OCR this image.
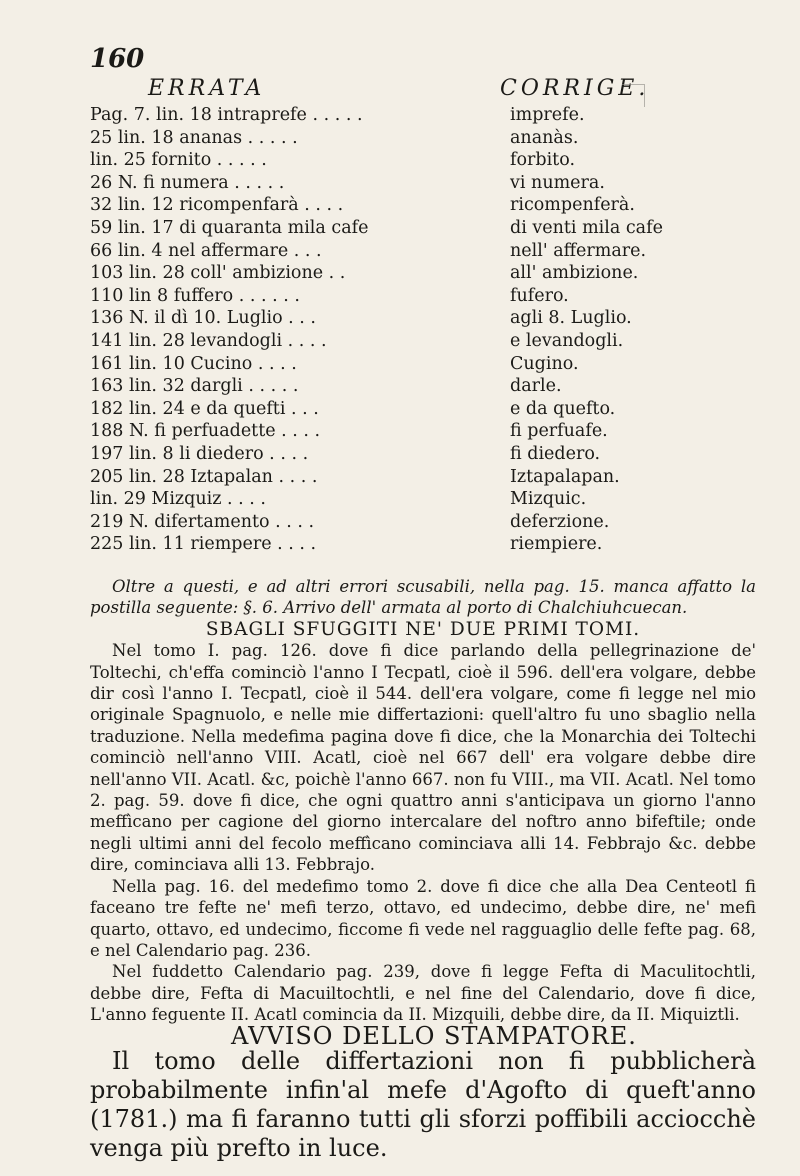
160
ERRATA	CORRIGE.
Pag. 7. lin. 18 intraprefe . . . . .	imprefe.
25 lin. 18 ananas . . . . .	ananàs.
lin. 25 fornito . . . . .	forbito.
26 N. fi numera . . . . .	vi numera.
32 lin. 12 ricompenfarà . . . .	ricompenferà.
59 lin. 17 di quaranta mila cafe	di venti mila cafe
66 lin. 4 nel affermare . . .	nell' affermare.
103 lin. 28 coll' ambizione . .	all' ambizione.
110 lin 8 fuffero . . . . . .	fufero.
136 N. il dì 10. Luglio . . .	agli 8. Luglio.
141 lin. 28 levandogli . . . .	e levandogli.
161 lin. 10 Cucino . . . .	Cugino.
163 lin. 32 dargli . . . . .	darle.
182 lin. 24 e da quefti . . .	e da quefto.
188 N. fi perfuadette . . . .	fi perfuafe.
197 lin. 8 li diedero . . . .	fi diedero.
205 lin. 28 Iztapalan . . . .	Iztapalapan.
lin. 29 Mizquiz . . . .	Mizquic.
219 N. difertamento . . . .	deferzione.
225 lin. 11 riempere . . . .	riempiere.

Oltre a questi, e ad altri errori scusabili, nella pag. 15. manca affatto la postilla seguente: §. 6. Arrivo dell' armata al porto di Chalchiuhcuecan.

SBAGLI SFUGGITI NE' DUE PRIMI TOMI.

Nel tomo I. pag. 126. dove fi dice parlando della pellegrinazione de' Toltechi, ch'effa cominciò l'anno I Tecpatl, cioè il 596. dell'era volgare, debbe dir così l'anno I. Tecpatl, cioè il 544. dell'era volgare, come fi legge nel mio originale Spagnuolo, e nelle mie differtazioni: quell'altro fu uno sbaglio nella traduzione. Nella medefima pagina dove fi dice, che la Monarchia dei Toltechi cominciò nell'anno VIII. Acatl, cioè nel 667 dell' era volgare debbe dire nell'anno VII. Acatl. &c, poichè l'anno 667. non fu VIII., ma VII. Acatl. Nel tomo 2. pag. 59. dove fi dice, che ogni quattro anni s'anticipava un giorno l'anno meffìcano per cagione del giorno intercalare del noftro anno bifeftile; onde negli ultimi anni del fecolo meffìcano cominciava alli 14. Febbrajo &c. debbe dire, cominciava alli 13. Febbrajo.

Nella pag. 16. del medefimo tomo 2. dove fi dice che alla Dea Centeotl fi faceano tre fefte ne' mefi terzo, ottavo, ed undecimo, debbe dire, ne' mefi quarto, ottavo, ed undecimo, ficcome fi vede nel ragguaglio delle fefte pag. 68, e nel Calendario pag. 236.

Nel fuddetto Calendario pag. 239, dove fi legge Fefta di Maculitochtli, debbe dire, Fefta di Macuiltochtli, e nel fine del Calendario, dove fi dice, L'anno feguente II. Acatl comincia da II. Mizquili, debbe dire, da II. Miquiztli.

AVVISO DELLO STAMPATORE.

Il tomo delle differtazioni non fi pubblicherà probabilmente infin'al mefe d'Agofto di queft'anno (1781.) ma fi faranno tutti gli sforzi poffibili acciocchè venga più prefto in luce.
